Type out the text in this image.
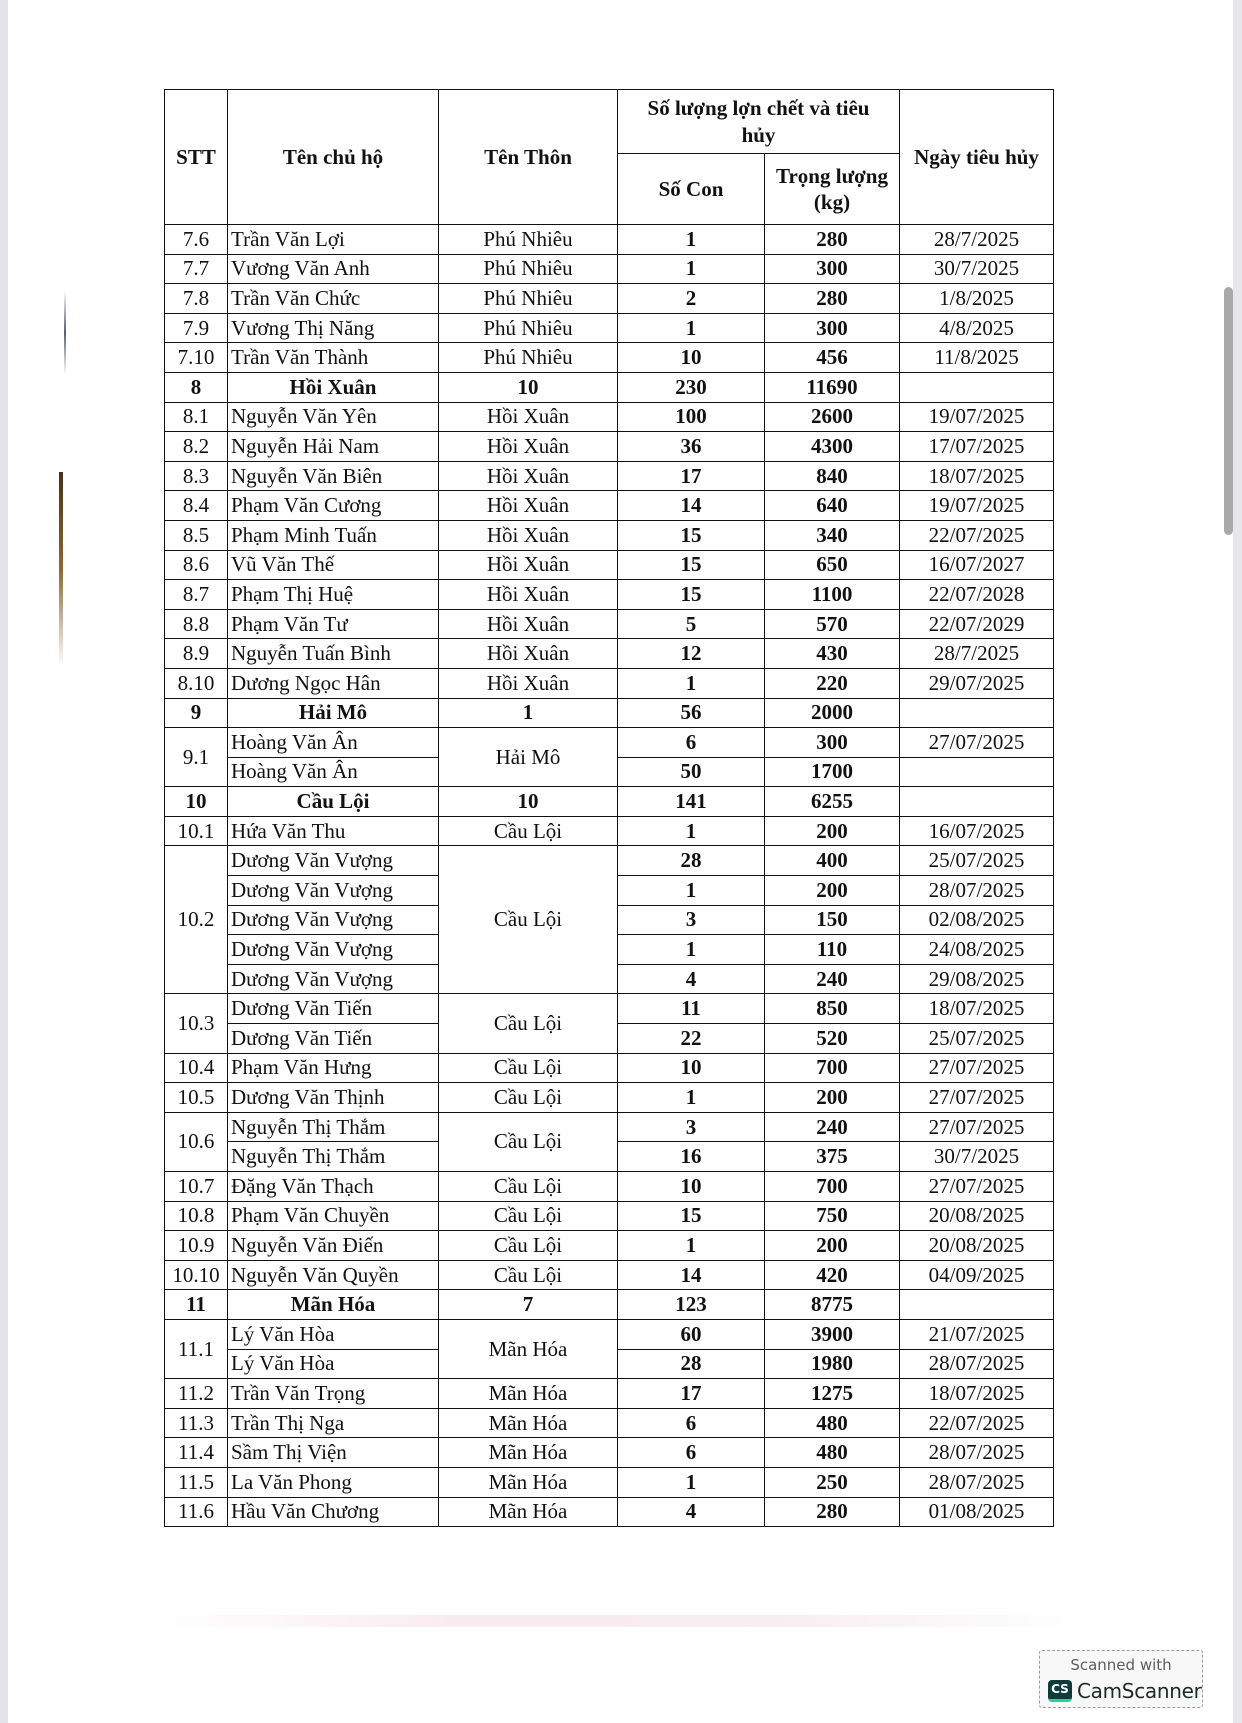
STT	Tên chủ hộ	Tên Thôn	Số lượng lợn chết và tiêu hủy		Ngày tiêu hủy
			Số Con	Trọng lượng (kg)	
7.6	Trần Văn Lợi	Phú Nhiêu	1	280	28/7/2025
7.7	Vương Văn Anh	Phú Nhiêu	1	300	30/7/2025
7.8	Trần Văn Chức	Phú Nhiêu	2	280	1/8/2025
7.9	Vương Thị Năng	Phú Nhiêu	1	300	4/8/2025
7.10	Trần Văn Thành	Phú Nhiêu	10	456	11/8/2025
8	Hồi Xuân	10	230	11690	
8.1	Nguyễn Văn Yên	Hồi Xuân	100	2600	19/07/2025
8.2	Nguyễn Hải Nam	Hồi Xuân	36	4300	17/07/2025
8.3	Nguyễn Văn Biên	Hồi Xuân	17	840	18/07/2025
8.4	Phạm Văn Cương	Hồi Xuân	14	640	19/07/2025
8.5	Phạm Minh Tuấn	Hồi Xuân	15	340	22/07/2025
8.6	Vũ Văn Thế	Hồi Xuân	15	650	16/07/2027
8.7	Phạm Thị Huệ	Hồi Xuân	15	1100	22/07/2028
8.8	Phạm Văn Tư	Hồi Xuân	5	570	22/07/2029
8.9	Nguyễn Tuấn Bình	Hồi Xuân	12	430	28/7/2025
8.10	Dương Ngọc Hân	Hồi Xuân	1	220	29/07/2025
9	Hải Mô	1	56	2000	
9.1	Hoàng Văn Ân	Hải Mô	6	300	27/07/2025
	Hoàng Văn Ân		50	1700	
10	Cầu Lội	10	141	6255	
10.1	Hứa Văn Thu	Cầu Lội	1	200	16/07/2025
10.2	Dương Văn Vượng	Cầu Lội	28	400	25/07/2025
	Dương Văn Vượng		1	200	28/07/2025
	Dương Văn Vượng		3	150	02/08/2025
	Dương Văn Vượng		1	110	24/08/2025
	Dương Văn Vượng		4	240	29/08/2025
10.3	Dương Văn Tiến	Cầu Lội	11	850	18/07/2025
	Dương Văn Tiến		22	520	25/07/2025
10.4	Phạm Văn Hưng	Cầu Lội	10	700	27/07/2025
10.5	Dương Văn Thịnh	Cầu Lội	1	200	27/07/2025
10.6	Nguyễn Thị Thắm	Cầu Lội	3	240	27/07/2025
	Nguyễn Thị Thắm		16	375	30/7/2025
10.7	Đặng Văn Thạch	Cầu Lội	10	700	27/07/2025
10.8	Phạm Văn Chuyền	Cầu Lội	15	750	20/08/2025
10.9	Nguyễn Văn Điến	Cầu Lội	1	200	20/08/2025
10.10	Nguyễn Văn Quyền	Cầu Lội	14	420	04/09/2025
11	Mãn Hóa	7	123	8775	
11.1	Lý Văn Hòa	Mãn Hóa	60	3900	21/07/2025
	Lý Văn Hòa		28	1980	28/07/2025
11.2	Trần Văn Trọng	Mãn Hóa	17	1275	18/07/2025
11.3	Trần Thị Nga	Mãn Hóa	6	480	22/07/2025
11.4	Sầm Thị Viện	Mãn Hóa	6	480	28/07/2025
11.5	La Văn Phong	Mãn Hóa	1	250	28/07/2025
11.6	Hầu Văn Chương	Mãn Hóa	4	280	01/08/2025
Scanned with
CS CamScanner
